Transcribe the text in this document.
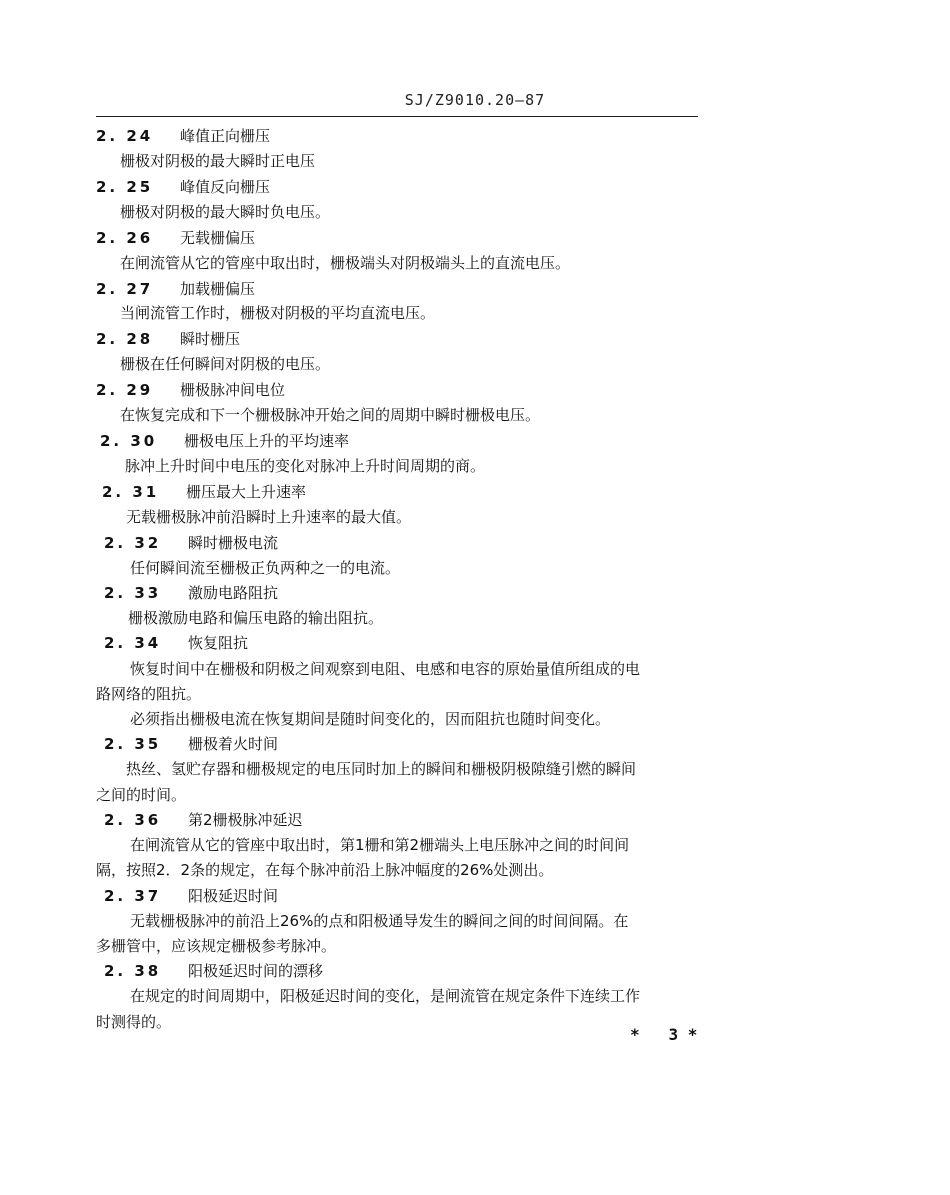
SJ/Z9010.20—87
2. 24 峰值正向栅压
栅极对阴极的最大瞬时正电压
2. 25 峰值反向栅压
栅极对阴极的最大瞬时负电压。
2. 26 无载栅偏压
在闸流管从它的管座中取出时，栅极端头对阴极端头上的直流电压。
2. 27 加载栅偏压
当闸流管工作时，栅极对阴极的平均直流电压。
2. 28 瞬时栅压
栅极在任何瞬间对阴极的电压。
2. 29 栅极脉冲间电位
在恢复完成和下一个栅极脉冲开始之间的周期中瞬时栅极电压。
2. 30 栅极电压上升的平均速率
脉冲上升时间中电压的变化对脉冲上升时间周期的商。
2. 31 栅压最大上升速率
无载栅极脉冲前沿瞬时上升速率的最大值。
2. 32 瞬时栅极电流
任何瞬间流至栅极正负两种之一的电流。
2. 33 激励电路阻抗
栅极激励电路和偏压电路的输出阻抗。
2. 34 恢复阻抗
恢复时间中在栅极和阴极之间观察到电阻、电感和电容的原始量值所组成的电
路网络的阻抗。
必须指出栅极电流在恢复期间是随时间变化的，因而阻抗也随时间变化。
2. 35 栅极着火时间
热丝、氢贮存器和栅极规定的电压同时加上的瞬间和栅极阴极隙缝引燃的瞬间
之间的时间。
2. 36 第2栅极脉冲延迟
在闸流管从它的管座中取出时，第1栅和第2栅端头上电压脉冲之间的时间间
隔，按照2．2条的规定，在每个脉冲前沿上脉冲幅度的26%处测出。
2. 37 阳极延迟时间
无载栅极脉冲的前沿上26%的点和阳极通导发生的瞬间之间的时间间隔。在
多栅管中，应该规定栅极参考脉冲。
2. 38 阳极延迟时间的漂移
在规定的时间周期中，阳极延迟时间的变化，是闸流管在规定条件下连续工作
时测得的。
*   3 *
